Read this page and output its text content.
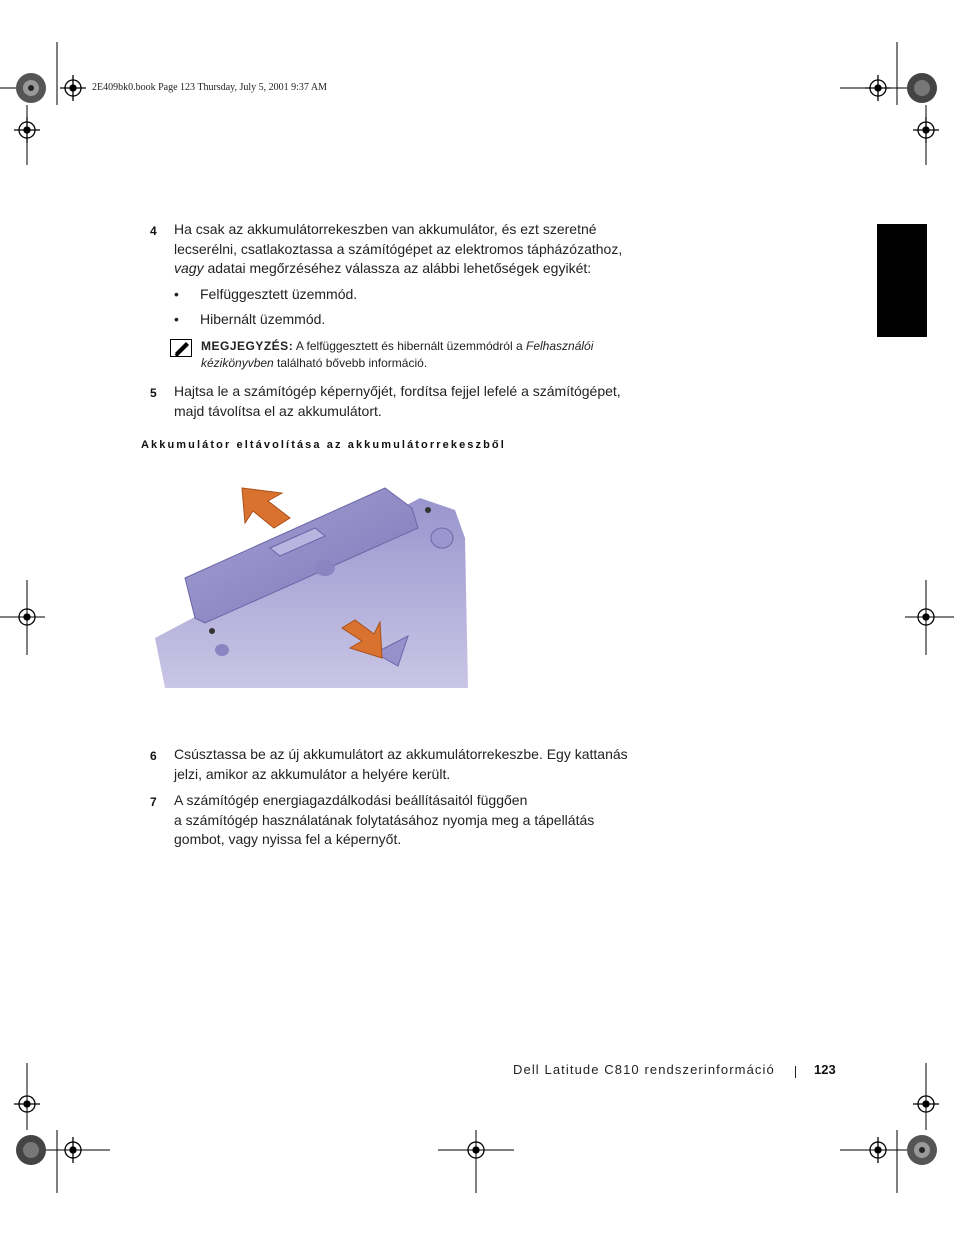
2E409bk0.book Page 123 Thursday, July 5, 2001 9:37 AM
4 Ha csak az akkumulátorrekeszben van akkumulátor, és ezt szeretné
lecserélni, csatlakoztassa a számítógépet az elektromos tápházózathoz,
vagy adatai megőrzéséhez válassza az alábbi lehetőségek egyikét:
• Felfüggesztett üzemmód.
• Hibernált üzemmód.
MEGJEGYZÉS: A felfüggesztett és hibernált üzemmódról a Felhasználói
kézikönyvben található bővebb információ.
5 Hajtsa le a számítógép képernyőjét, fordítsa fejjel lefelé a számítógépet,
majd távolítsa el az akkumulátort.
Akkumulátor eltávolítása az akkumulátorrekeszből
6 Csúsztassa be az új akkumulátort az akkumulátorrekeszbe. Egy kattanás
jelzi, amikor az akkumulátor a helyére került.
7 A számítógép energiagazdálkodási beállításaitól függően
a számítógép használatának folytatásához nyomja meg a tápellátás
gombot, vagy nyissa fel a képernyőt.
Dell Latitude C810 rendszerinformáció	123
